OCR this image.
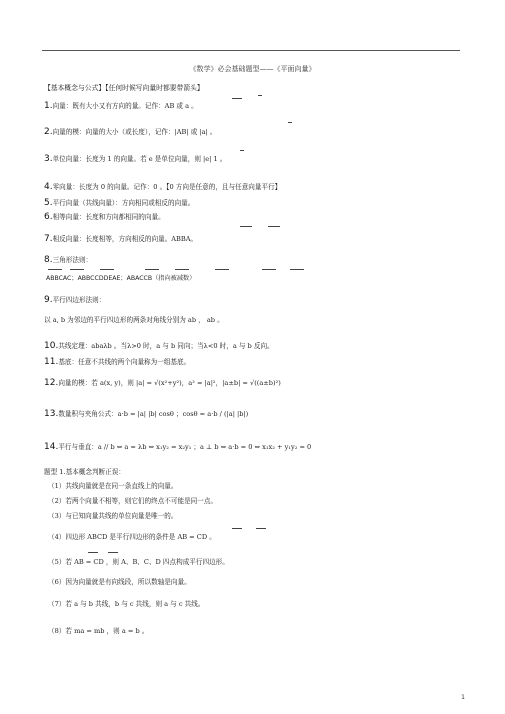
《数学》必会基础题型——《平面向量》
【基本概念与公式】【任何时候写向量时都要带箭头】
1.向量：既有大小又有方向的量。记作：AB 或 a 。
2.向量的模：向量的大小（或长度），记作：|AB| 或 |a| 。
3.单位向量：长度为 1 的向量。若 e 是单位向量，则 |e| 1 。
4.零向量：长度为 0 的向量。记作：0 。【0 方向是任意的，且与任意向量平行】
5.平行向量（共线向量）：方向相同或相反的向量。
6.相等向量：长度和方向都相同的向量。
7.相反向量：长度相等，方向相反的向量。ABBA。
8.三角形法则：
ABBCAC；ABBCCDDEAE；ABACCB（指向被减数）
9.平行四边形法则：
以 a, b 为邻边的平行四边形的两条对角线分别为 ab ， ab 。
10.共线定理：abaλb 。当λ>0 时，a 与 b 同向；当λ<0 时，a 与 b 反向。
11.基底：任意不共线的两个向量称为一组基底。
12.向量的模：若 a(x, y)，则 |a| = √(x²+y²)，a² = |a|²，|a±b| = √((a±b)²)
13.数量积与夹角公式：a·b = |a| |b| cosθ ；cosθ = a·b / (|a| |b|)
14.平行与垂直：a // b ⇔ a = λb ⇔ x₁y₂ = x₂y₁ ；a ⊥ b ⇔ a·b = 0 ⇔ x₁x₂ + y₁y₂ = 0
题型 1.基本概念判断正误：
（1）共线向量就是在同一条直线上的向量。
（2）若两个向量不相等，则它们的终点不可能是同一点。
（3）与已知向量共线的单位向量是唯一的。
（4）四边形 ABCD 是平行四边形的条件是 AB = CD 。
（5）若 AB = CD ，则 A、B、C、D 四点构成平行四边形。
（6）因为向量就是有向线段，所以数轴是向量。
（7）若 a 与 b 共线，b 与 c 共线，则 a 与 c 共线。
（8）若 ma = mb ，则 a = b 。
1
